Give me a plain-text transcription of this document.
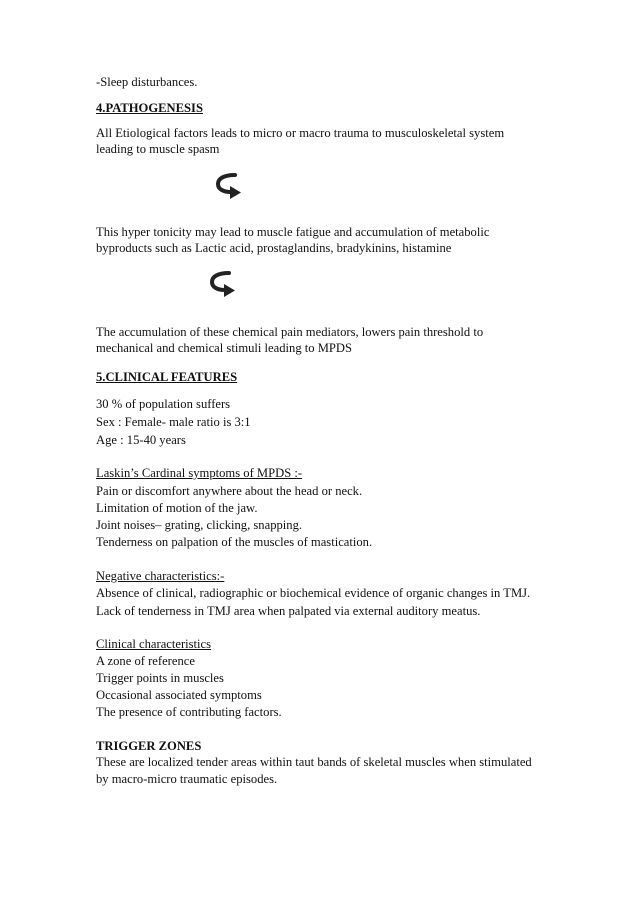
-Sleep disturbances.
4.PATHOGENESIS
All Etiological factors leads to micro or macro trauma to musculoskeletal system
leading to muscle spasm
This hyper tonicity may lead to muscle fatigue and accumulation of metabolic
byproducts such as Lactic acid, prostaglandins, bradykinins, histamine
The accumulation of these chemical pain mediators, lowers pain threshold to
mechanical and chemical stimuli leading to MPDS
5.CLINICAL FEATURES
30 % of population suffers
Sex : Female- male ratio is 3:1
Age : 15-40 years
Laskin’s Cardinal symptoms of MPDS :-
Pain or discomfort anywhere about the head or neck.
Limitation of motion of the jaw.
Joint noises– grating, clicking, snapping.
Tenderness on palpation of the muscles of mastication.
Negative characteristics:-
Absence of clinical, radiographic or biochemical evidence of organic changes in TMJ.
Lack of tenderness in TMJ area when palpated via external auditory meatus.
Clinical characteristics
A zone of reference
Trigger points in muscles
Occasional associated symptoms
The presence of contributing factors.
TRIGGER ZONES
These are localized tender areas within taut bands of skeletal muscles when stimulated
by macro-micro traumatic episodes.
